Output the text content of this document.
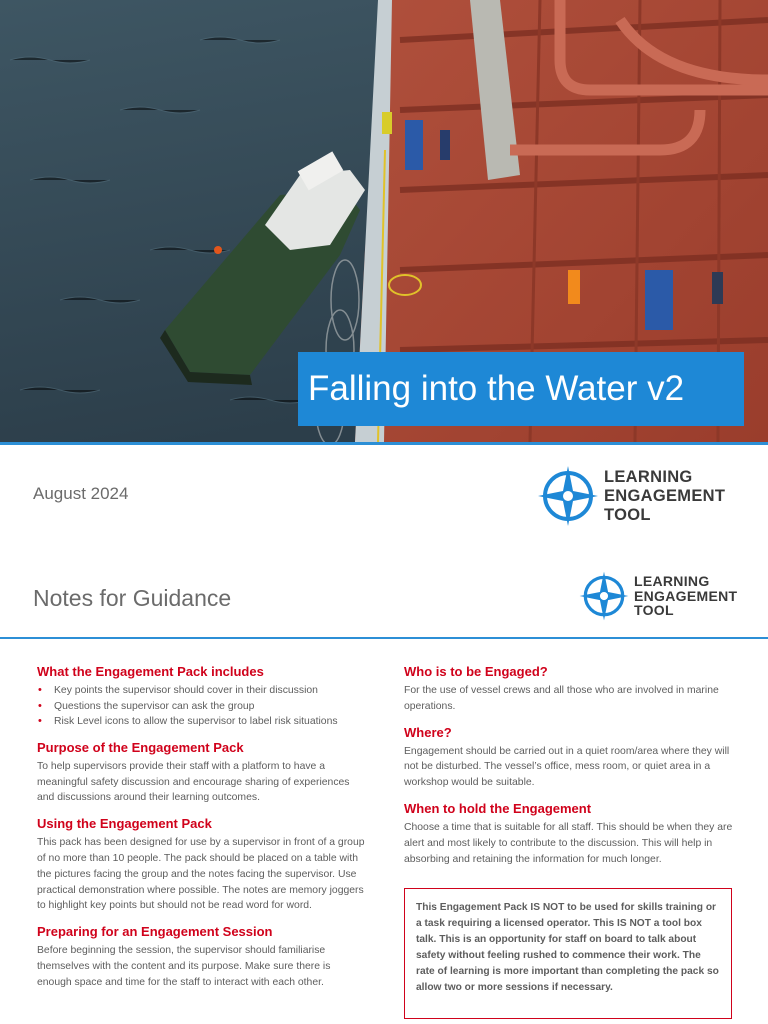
Falling into the Water v2
August 2024
LEARNING
ENGAGEMENT
TOOL
Notes for Guidance
LEARNING
ENGAGEMENT
TOOL
What the Engagement Pack includes
• Key points the supervisor should cover in their discussion
• Questions the supervisor can ask the group
• Risk Level icons to allow the supervisor to label risk situations
Purpose of the Engagement Pack
To help supervisors provide their staff with a platform to have a meaningful safety discussion and encourage sharing of experiences and discussions around their learning outcomes.
Using the Engagement Pack
This pack has been designed for use by a supervisor in front of a group of no more than 10 people. The pack should be placed on a table with the pictures facing the group and the notes facing the supervisor. Use practical demonstration where possible. The notes are memory joggers to highlight key points but should not be read word for word.
Preparing for an Engagement Session
Before beginning the session, the supervisor should familiarise themselves with the content and its purpose. Make sure there is enough space and time for the staff to interact with each other.
Who is to be Engaged?
For the use of vessel crews and all those who are involved in marine operations.
Where?
Engagement should be carried out in a quiet room/area where they will not be disturbed. The vessel’s office, mess room, or quiet area in a workshop would be suitable.
When to hold the Engagement
Choose a time that is suitable for all staff. This should be when they are alert and most likely to contribute to the discussion. This will help in absorbing and retaining the information for much longer.
This Engagement Pack IS NOT to be used for skills training or a task requiring a licensed operator. This IS NOT a tool box talk. This is an opportunity for staff on board to talk about safety without feeling rushed to commence their work. The rate of learning is more important than completing the pack so allow two or more sessions if necessary.
